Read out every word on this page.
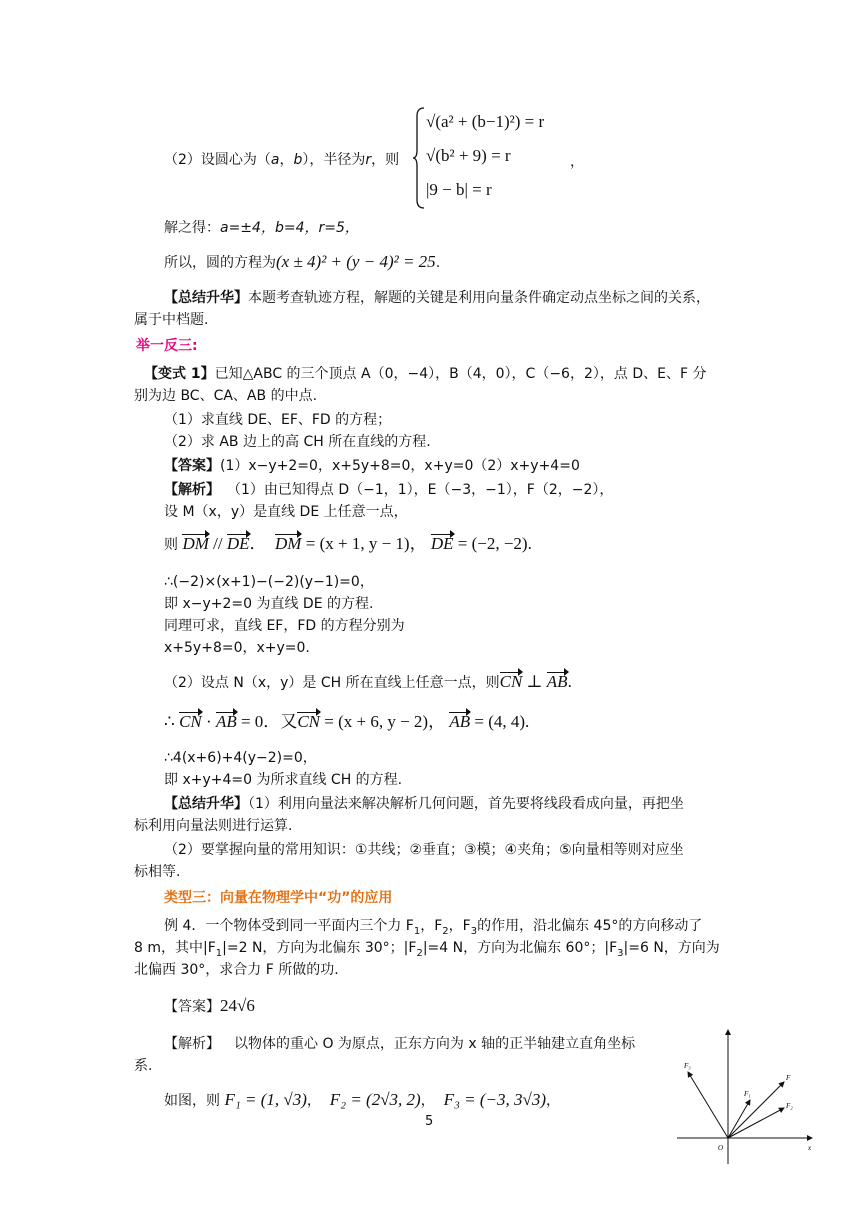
（2）设圆心为（a，b），半径为r，则
√(a² + (b−1)²) = r
√(b² + 9) = r
|9 − b| = r
，
解之得：a=±4，b=4，r=5，
所以，圆的方程为(x ± 4)² + (y − 4)² = 25.
【总结升华】本题考查轨迹方程，解题的关键是利用向量条件确定动点坐标之间的关系，
属于中档题.
举一反三:
【变式 1】已知△ABC 的三个顶点 A（0，−4），B（4，0），C（−6，2），点 D、E、F 分
别为边 BC、CA、AB 的中点.
（1）求直线 DE、EF、FD 的方程；
（2）求 AB 边上的高 CH 所在直线的方程.
【答案】(1）x−y+2=0，x+5y+8=0，x+y=0（2）x+y+4=0
【解析】 （1）由已知得点 D（−1，1），E（−3，−1），F（2，−2），
设 M（x，y）是直线 DE 上任意一点，
则 DM // DE．  DM = (x + 1, y − 1)， DE = (−2, −2).
∴(−2)×(x+1)−(−2)(y−1)=0，
即 x−y+2=0 为直线 DE 的方程.
同理可求，直线 EF，FD 的方程分别为
x+5y+8=0，x+y=0.
（2）设点 N（x，y）是 CH 所在直线上任意一点，则CN ⊥ AB.
∴ CN · AB = 0．又CN = (x + 6, y − 2)， AB = (4, 4).
∴4(x+6)+4(y−2)=0，
即 x+y+4=0 为所求直线 CH 的方程.
【总结升华】（1）利用向量法来解决解析几何问题，首先要将线段看成向量，再把坐
标利用向量法则进行运算.
（2）要掌握向量的常用知识：①共线；②垂直；③模；④夹角；⑤向量相等则对应坐
标相等.
类型三：向量在物理学中“功”的应用
例 4．一个物体受到同一平面内三个力 $F_1$，$F_2$，$F_3$的作用，沿北偏东 45°的方向移动了
8 m，其中$|F_1|=2$ N，方向为北偏东 30°；$|F_2|=4$ N，方向为北偏东 60°；$|F_3|=6$ N，方向为
北偏西 30°，求合力 F 所做的功.
【答案】24√6
【解析】 以物体的重心 O 为原点，正东方向为 x 轴的正半轴建立直角坐标
系.
如图，则 F₁ = (1, √3)，  F₂ = (2√3, 2)，  F₃ = (−3, 3√3)，
5
F₃
F
F₁
F₂
O	x
